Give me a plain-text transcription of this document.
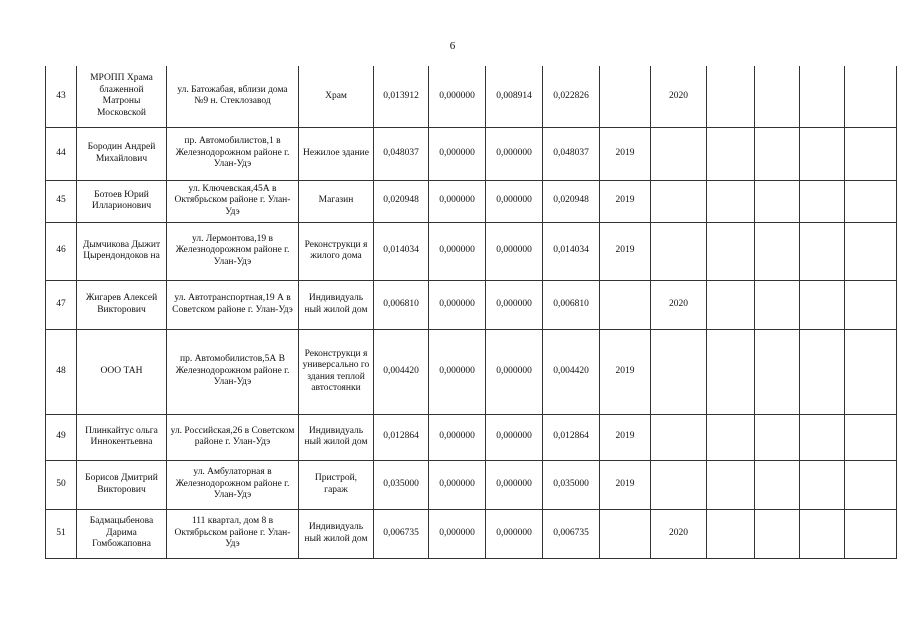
6
43	МРОПП Храма блаженной Матроны Московской	ул. Батожабая, вблизи дома №9 н. Стеклозавод	Храм	0,013912	0,000000	0,008914	0,022826		2020				
44	Бородин Андрей Михайлович	пр. Автомобилистов,1 в Железнодорожном районе г. Улан-Удэ	Нежилое здание	0,048037	0,000000	0,000000	0,048037	2019					
45	Ботоев Юрий Илларионович	ул. Ключевская,45А в Октябрьском районе г. Улан-Удэ	Магазин	0,020948	0,000000	0,000000	0,020948	2019					
46	Дымчикова Дыжит Цырендондоков на	ул. Лермонтова,19 в Железнодорожном районе г. Улан-Удэ	Реконструкци я жилого дома	0,014034	0,000000	0,000000	0,014034	2019					
47	Жигарев Алексей Викторович	ул. Автотранспортная,19 А в Советском районе г. Улан-Удэ	Индивидуаль ный жилой дом	0,006810	0,000000	0,000000	0,006810		2020				
48	ООО ТАН	пр. Автомобилистов,5А В Железнодорожном районе г. Улан-Удэ	Реконструкци я универсально го здания теплой автостоянки	0,004420	0,000000	0,000000	0,004420	2019					
49	Плинкайтус ольга Иннокентьевна	ул. Российская,26 в Советском районе г. Улан-Удэ	Индивидуаль ный жилой дом	0,012864	0,000000	0,000000	0,012864	2019					
50	Борисов Дмитрий Викторович	ул. Амбулаторная в Железнодорожном районе г. Улан-Удэ	Пристрой, гараж	0,035000	0,000000	0,000000	0,035000	2019					
51	Бадмацыбенова Дарима Гомбожаповна	111 квартал, дом 8 в Октябрьском районе г. Улан-Удэ	Индивидуаль ный жилой дом	0,006735	0,000000	0,000000	0,006735		2020				
